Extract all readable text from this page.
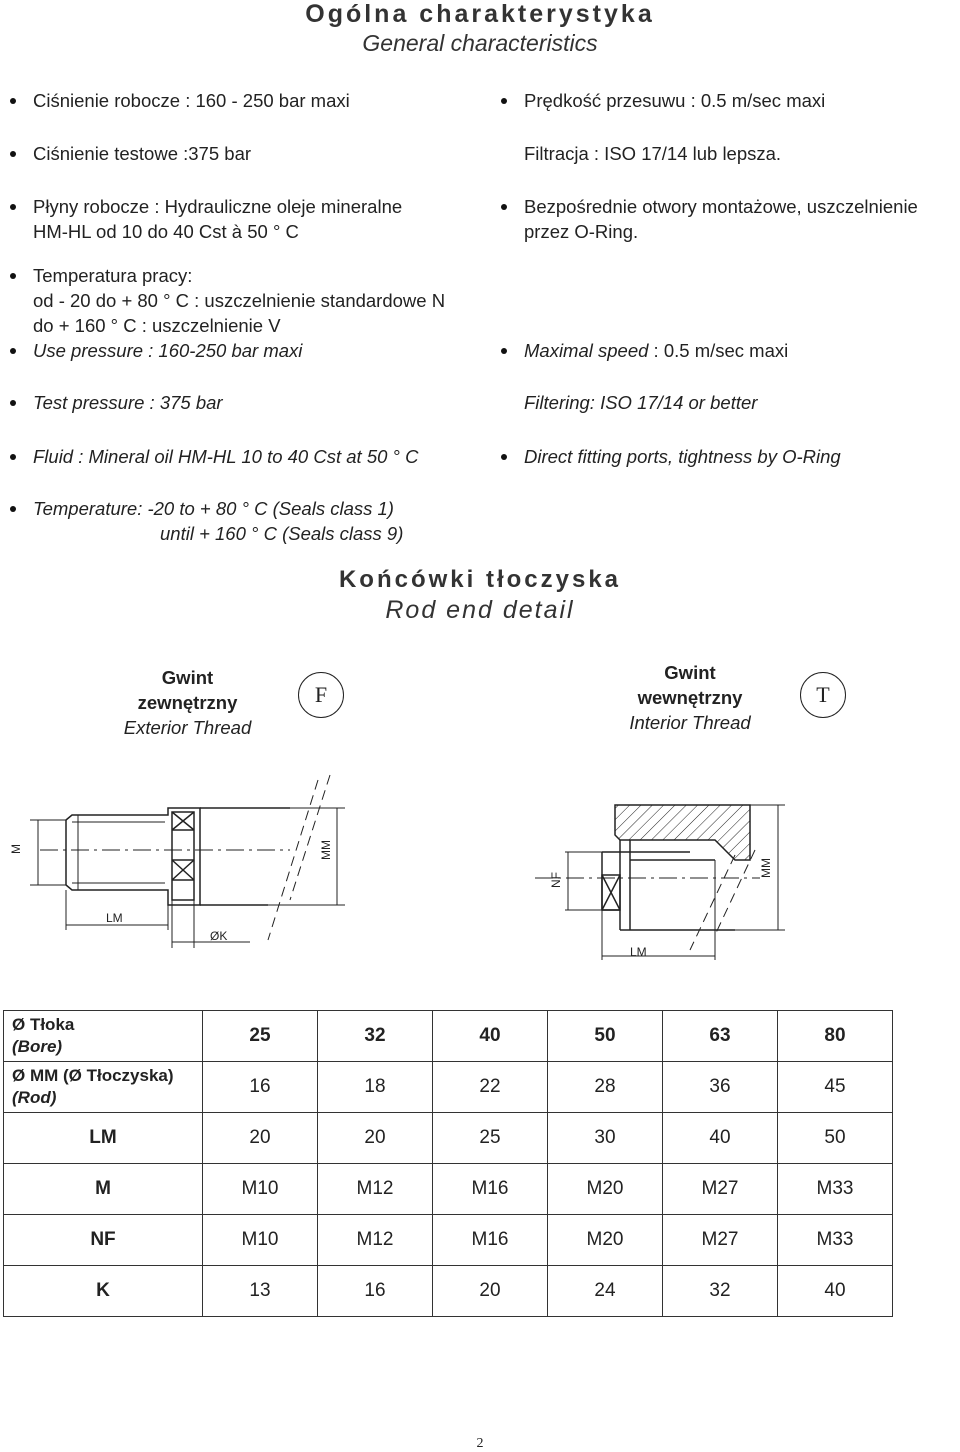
Ogólna charakterystyka
General characteristics
Ciśnienie robocze : 160 - 250 bar maxi
Ciśnienie testowe :375 bar
Płyny robocze : Hydrauliczne oleje mineralne
HM-HL od 10 do 40 Cst à 50 ° C
Temperatura pracy:
od - 20 do + 80 ° C : uszczelnienie standardowe N
do + 160 ° C : uszczelnienie V
Prędkość przesuwu : 0.5 m/sec maxi
Filtracja : ISO 17/14 lub lepsza.
Bezpośrednie otwory montażowe, uszczelnienie
przez O-Ring.
Use pressure : 160-250 bar maxi
Test pressure : 375 bar
Fluid : Mineral oil HM-HL 10 to 40 Cst at 50 ° C
Temperature: -20 to + 80 ° C (Seals class 1)
until + 160 ° C (Seals class 9)
Maximal speed : 0.5 m/sec maxi
Filtering: ISO 17/14 or better
Direct fitting ports, tightness by O-Ring
Końcówki tłoczyska
Rod end detail
Gwint
zewnętrzny
Exterior Thread
F
Gwint
wewnętrzny
Interior Thread
T
M	MM
LM
ØK
NF
MM
LM
Ø Tłoka
(Bore)	25	32	40	50	63	80
Ø MM (Ø Tłoczyska)
(Rod)	16	18	22	28	36	45
LM	20	20	25	30	40	50
M	M10	M12	M16	M20	M27	M33
NF	M10	M12	M16	M20	M27	M33
K	13	16	20	24	32	40
2
